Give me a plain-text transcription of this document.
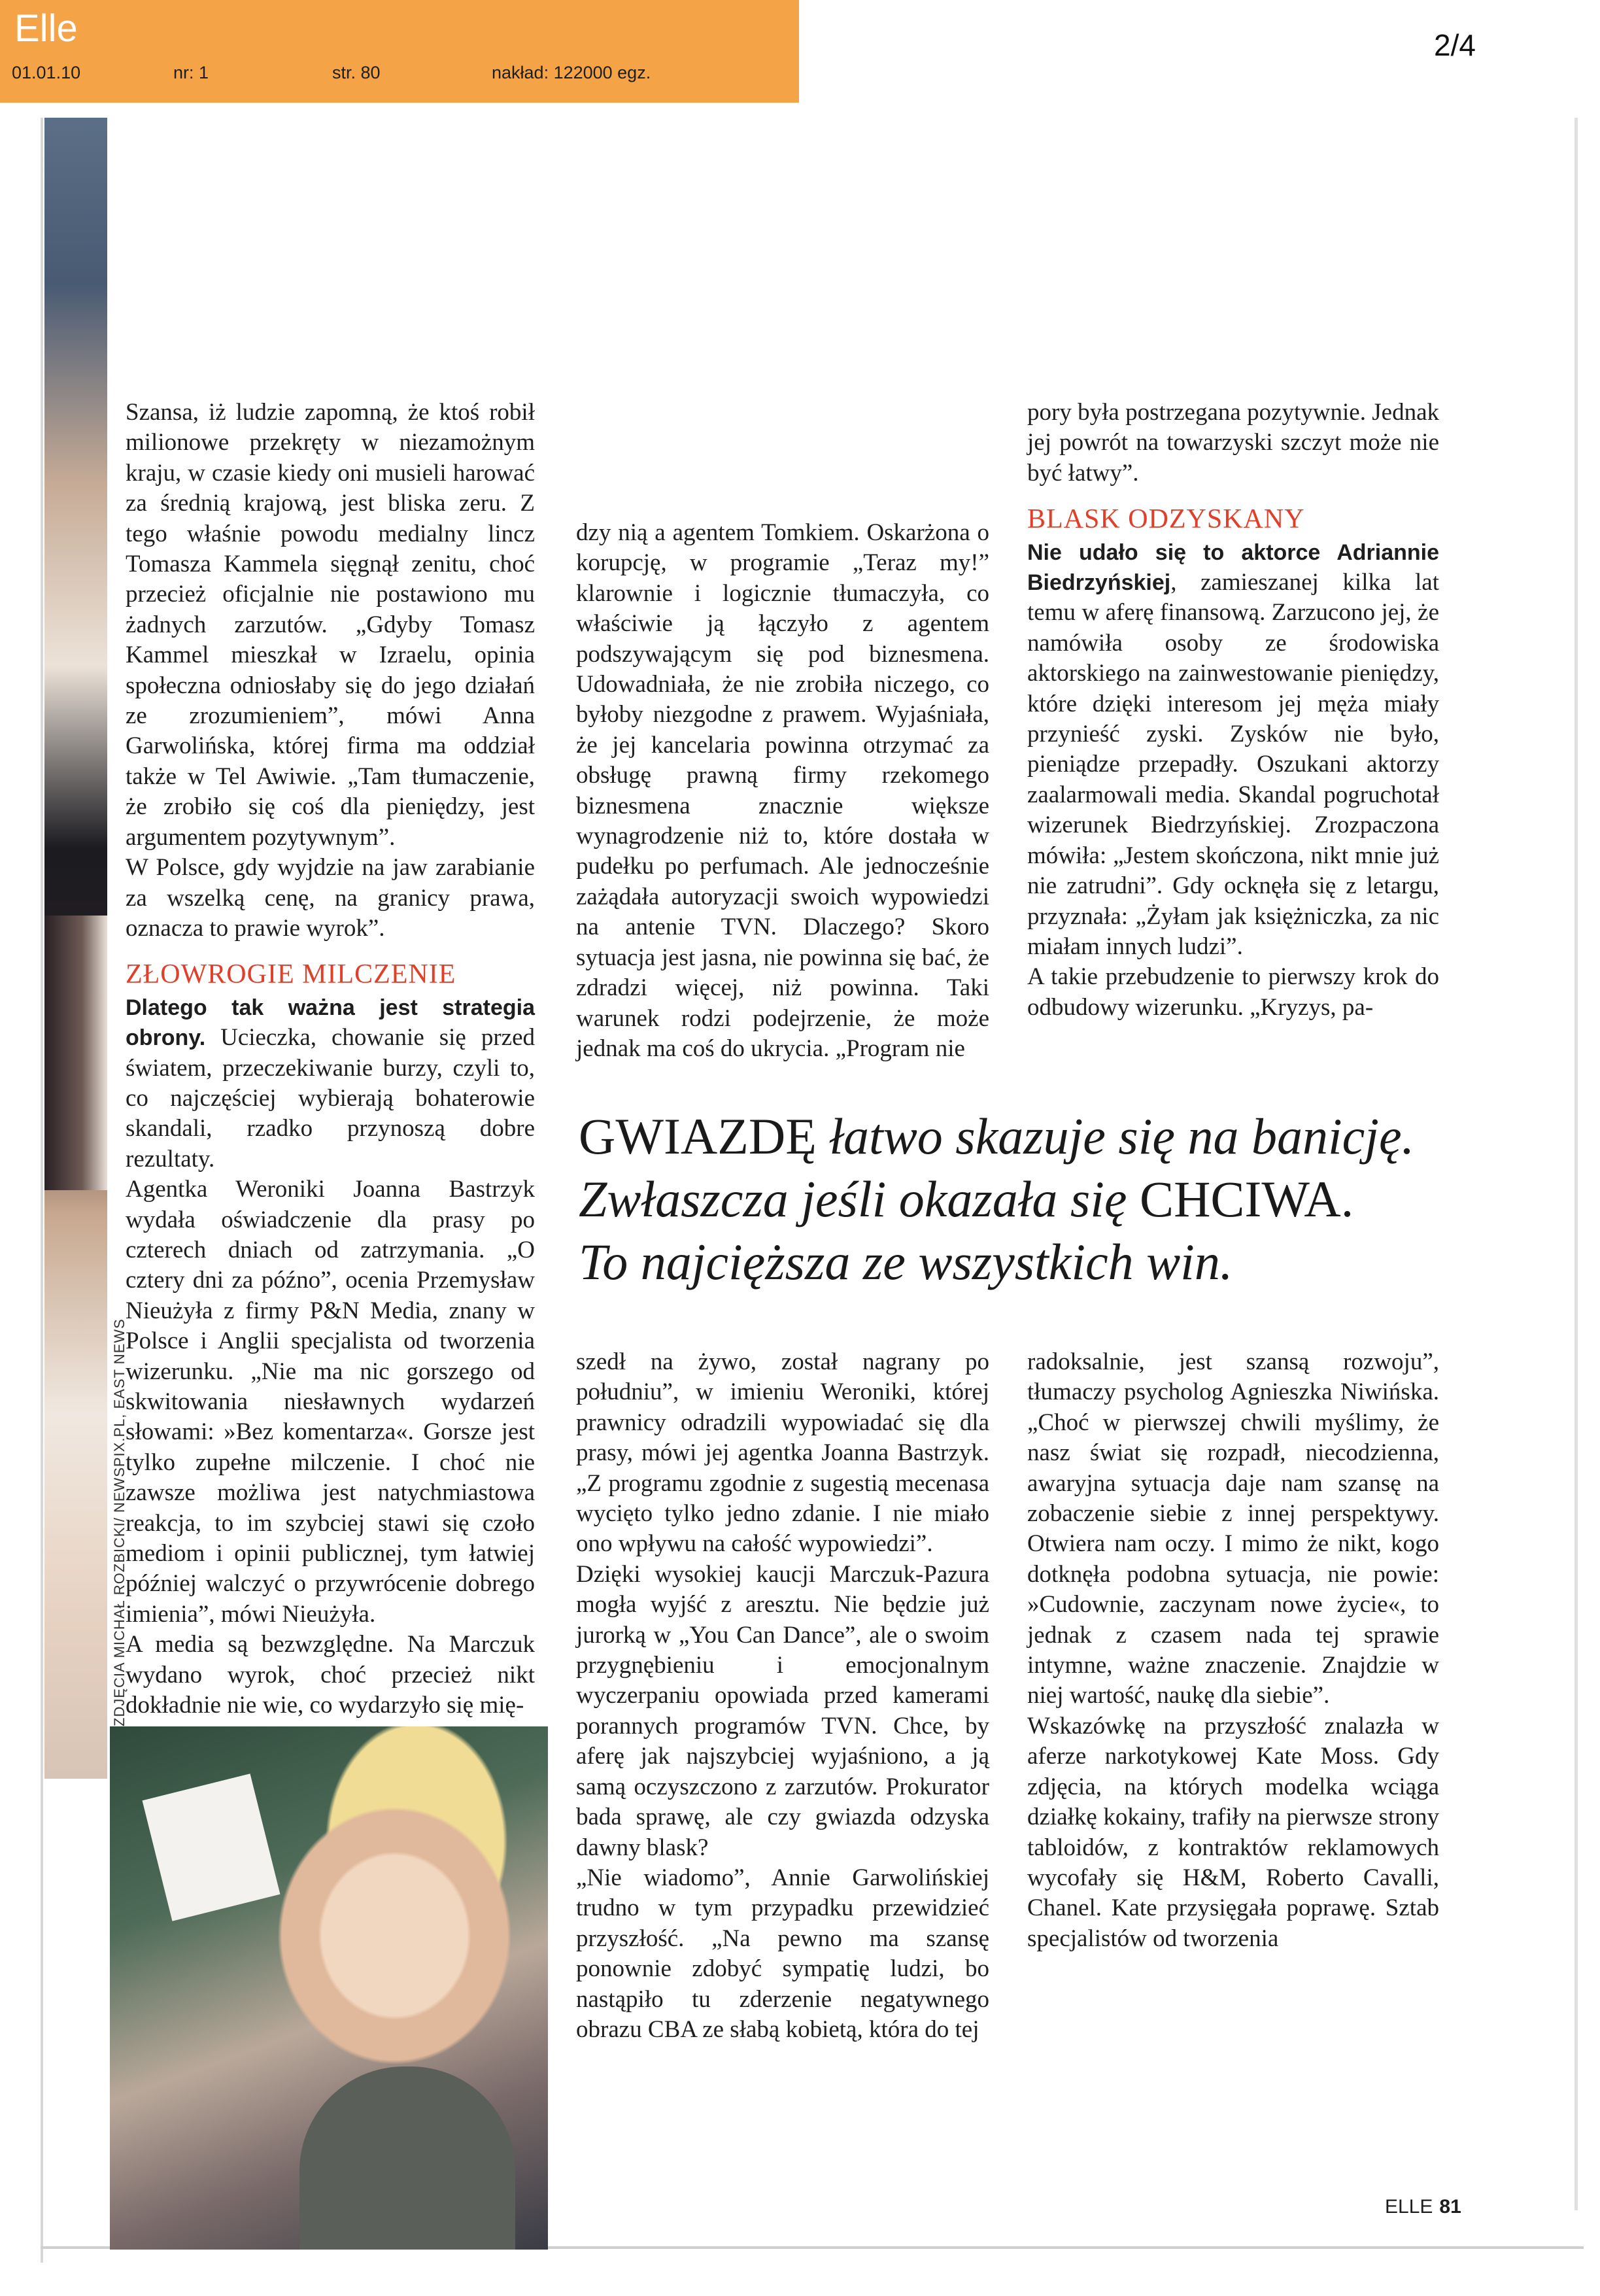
Elle
01.01.10	nr: 1	str. 80	nakład: 122000 egz.
2/4
ZDJĘCIA MICHAŁ ROZBICKI/ NEWSPIX.PL, EAST NEWS

Szansa, iż ludzie zapomną, że ktoś robił milionowe przekręty w niezamożnym kraju, w czasie kiedy oni musieli harować za średnią krajową, jest bliska zeru. Z tego właśnie powodu medialny lincz Tomasza Kammela sięgnął zenitu, choć przecież oficjalnie nie postawiono mu żadnych zarzutów. „Gdyby Tomasz Kammel mieszkał w Izraelu, opinia społeczna odniosłaby się do jego działań ze zrozumieniem”, mówi Anna Garwolińska, której firma ma oddział także w Tel Awiwie. „Tam tłumaczenie, że zrobiło się coś dla pieniędzy, jest argumentem pozytywnym”.

W Polsce, gdy wyjdzie na jaw zarabianie za wszelką cenę, na granicy prawa, oznacza to prawie wyrok”.

ZŁOWROGIE MILCZENIE

Dlatego tak ważna jest strategia obrony. Ucieczka, chowanie się przed światem, przeczekiwanie burzy, czyli to, co najczęściej wybierają bohaterowie skandali, rzadko przynoszą dobre rezultaty.

Agentka Weroniki Joanna Bastrzyk wydała oświadczenie dla prasy po czterech dniach od zatrzymania. „O cztery dni za późno”, ocenia Przemysław Nieużyła z firmy P&N Media, znany w Polsce i Anglii specjalista od tworzenia wizerunku. „Nie ma nic gorszego od skwitowania niesławnych wydarzeń słowami: »Bez komentarza«. Gorsze jest tylko zupełne milczenie. I choć nie zawsze możliwa jest natychmiastowa reakcja, to im szybciej stawi się czoło mediom i opinii publicznej, tym łatwiej później walczyć o przywrócenie dobrego imienia”, mówi Nieużyła.

A media są bezwzględne. Na Marczuk wydano wyrok, choć przecież nikt dokładnie nie wie, co wydarzyło się mię-

dzy nią a agentem Tomkiem. Oskarżona o korupcję, w programie „Teraz my!” klarownie i logicznie tłumaczyła, co właściwie ją łączyło z agentem podszywającym się pod biznesmena. Udowadniała, że nie zrobiła niczego, co byłoby niezgodne z prawem. Wyjaśniała, że jej kancelaria powinna otrzymać za obsługę prawną firmy rzekomego biznesmena znacznie większe wynagrodzenie niż to, które dostała w pudełku po perfumach. Ale jednocześnie zażądała autoryzacji swoich wypowiedzi na antenie TVN. Dlaczego? Skoro sytuacja jest jasna, nie powinna się bać, że zdradzi więcej, niż powinna. Taki warunek rodzi podejrzenie, że może jednak ma coś do ukrycia. „Program nie

pory była postrzegana pozytywnie. Jednak jej powrót na towarzyski szczyt może nie być łatwy”.

BLASK ODZYSKANY

Nie udało się to aktorce Adriannie Biedrzyńskiej, zamieszanej kilka lat temu w aferę finansową. Zarzucono jej, że namówiła osoby ze środowiska aktorskiego na zainwestowanie pieniędzy, które dzięki interesom jej męża miały przynieść zyski. Zysków nie było, pieniądze przepadły. Oszukani aktorzy zaalarmowali media. Skandal pogruchotał wizerunek Biedrzyńskiej. Zrozpaczona mówiła: „Jestem skończona, nikt mnie już nie zatrudni”. Gdy ocknęła się z letargu, przyznała: „Żyłam jak księżniczka, za nic miałam innych ludzi”.

A takie przebudzenie to pierwszy krok do odbudowy wizerunku. „Kryzys, pa-

GWIAZDĘ łatwo skazuje się na banicję.
Zwłaszcza jeśli okazała się CHCIWA.
To najcięższa ze wszystkich win.

szedł na żywo, został nagrany po południu”, w imieniu Weroniki, której prawnicy odradzili wypowiadać się dla prasy, mówi jej agentka Joanna Bastrzyk. „Z programu zgodnie z sugestią mecenasa wycięto tylko jedno zdanie. I nie miało ono wpływu na całość wypowiedzi”.

Dzięki wysokiej kaucji Marczuk-Pazura mogła wyjść z aresztu. Nie będzie już jurorką w „You Can Dance”, ale o swoim przygnębieniu i emocjonalnym wyczerpaniu opowiada przed kamerami porannych programów TVN. Chce, by aferę jak najszybciej wyjaśniono, a ją samą oczyszczono z zarzutów. Prokurator bada sprawę, ale czy gwiazda odzyska dawny blask?

„Nie wiadomo”, Annie Garwolińskiej trudno w tym przypadku przewidzieć przyszłość. „Na pewno ma szansę ponownie zdobyć sympatię ludzi, bo nastąpiło tu zderzenie negatywnego obrazu CBA ze słabą kobietą, która do tej

radoksalnie, jest szansą rozwoju”, tłumaczy psycholog Agnieszka Niwińska. „Choć w pierwszej chwili myślimy, że nasz świat się rozpadł, niecodzienna, awaryjna sytuacja daje nam szansę na zobaczenie siebie z innej perspektywy. Otwiera nam oczy. I mimo że nikt, kogo dotknęła podobna sytuacja, nie powie: »Cudownie, zaczynam nowe życie«, to jednak z czasem nada tej sprawie intymne, ważne znaczenie. Znajdzie w niej wartość, naukę dla siebie”.

Wskazówkę na przyszłość znalazła w aferze narkotykowej Kate Moss. Gdy zdjęcia, na których modelka wciąga działkę kokainy, trafiły na pierwsze strony tabloidów, z kontraktów reklamowych wycofały się H&M, Roberto Cavalli, Chanel. Kate przysięgała poprawę. Sztab specjalistów od tworzenia

ELLE 81
